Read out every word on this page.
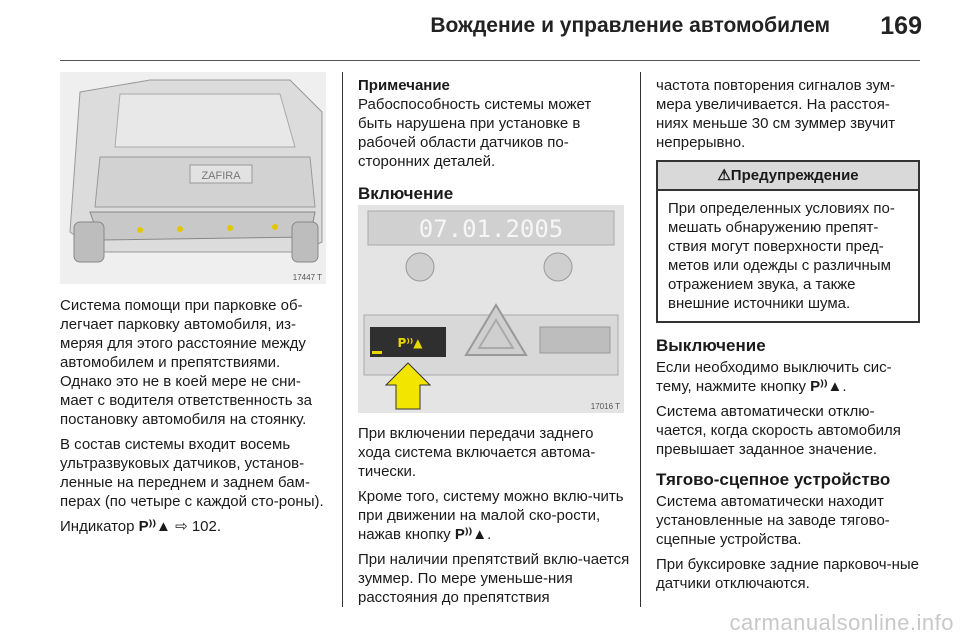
Вождение и управление автомобилем 169
ZAFIRA
17447 T

Система помощи при парковке об-легчает парковку автомобиля, из-меряя для этого расстояние между автомобилем и препятствиями. Однако это не в коей мере не сни-мает с водителя ответственность за постановку автомобиля на стоянку.

В состав системы входит восемь ультразвуковых датчиков, установ-ленные на переднем и заднем бам-перах (по четыре с каждой сто-роны).

Индикатор P⁾⁾▲ ⇨ 102.

Примечание

Рабоспособность системы может быть нарушена при установке в рабочей области датчиков по-сторонних деталей.

Включение
07.01.2005
P⁾⁾▲
17016 T

При включении передачи заднего хода система включается автома-тически.

Кроме того, систему можно вклю-чить при движении на малой ско-рости, нажав кнопку P⁾⁾▲.

При наличии препятствий вклю-чается зуммер. По мере уменьше-ния расстояния до препятствия

частота повторения сигналов зум-мера увеличивается. На расстоя-ниях меньше 30 см зуммер звучит непрерывно.

⚠Предупреждение
При определенных условиях по-мешать обнаружению препят-ствия могут поверхности пред-метов или одежды с различным отражением звука, а также внешние источники шума.
Выключение

Если необходимо выключить сис-тему, нажмите кнопку P⁾⁾▲.

Система автоматически отклю-чается, когда скорость автомобиля превышает заданное значение.

Тягово-сцепное устройство

Система автоматически находит установленные на заводе тягово-сцепные устройства.

При буксировке задние парковоч-ные датчики отключаются.

carmanualsonline.info
